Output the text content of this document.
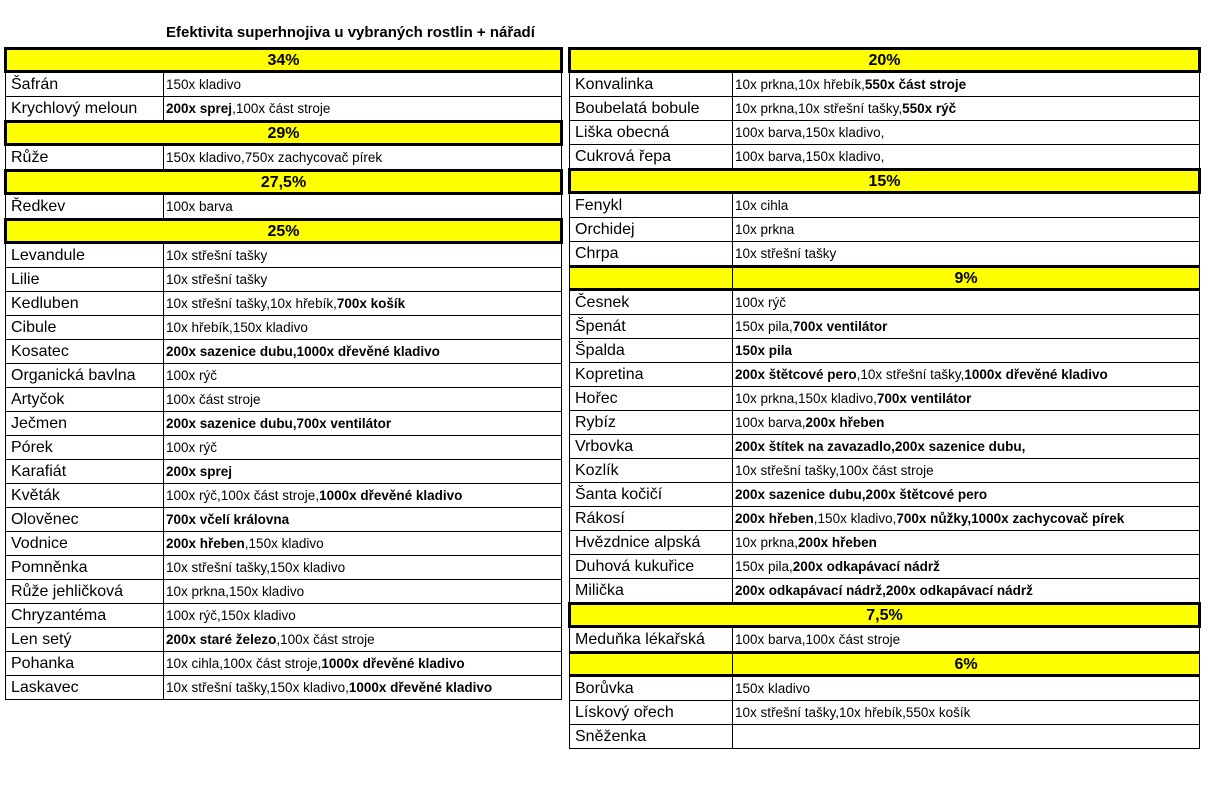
Efektivita superhnojiva u vybraných rostlin + nářadí
34%	
Šafrán	150x kladivo
Krychlový meloun	200x sprej,100x část stroje
29%	
Růže	150x kladivo,750x zachycovač pírek
27,5%	
Ředkev	100x barva
25%	
Levandule	10x střešní tašky
Lilie	10x střešní tašky
Kedluben	10x střešní tašky,10x hřebík,700x košík
Cibule	10x hřebík,150x kladivo
Kosatec	200x sazenice dubu,1000x dřevěné kladivo
Organická bavlna	100x rýč
Artyčok	100x část stroje
Ječmen	200x sazenice dubu,700x ventilátor
Pórek	100x rýč
Karafiát	200x sprej
Květák	100x rýč,100x část stroje,1000x dřevěné kladivo
Olověnec	700x včelí královna
Vodnice	200x hřeben,150x kladivo
Pomněnka	10x střešní tašky,150x kladivo
Růže jehličková	10x prkna,150x kladivo
Chryzantéma	100x rýč,150x kladivo
Len setý	200x staré železo,100x část stroje
Pohanka	10x cihla,100x část stroje,1000x dřevěné kladivo
Laskavec	10x střešní tašky,150x kladivo,1000x dřevěné kladivo
20%	
Konvalinka	10x prkna,10x hřebík,550x část stroje
Boubelatá bobule	10x prkna,10x střešní tašky,550x rýč
Liška obecná	100x barva,150x kladivo,
Cukrová řepa	100x barva,150x kladivo,
15%	
Fenykl	10x cihla
Orchidej	10x prkna
Chrpa	10x střešní tašky
	9%
Česnek	100x rýč
Špenát	150x pila,700x ventilátor
Špalda	150x pila
Kopretina	200x štětcové pero,10x střešní tašky,1000x dřevěné kladivo
Hořec	10x prkna,150x kladivo,700x ventilátor
Rybíz	100x barva,200x hřeben
Vrbovka	200x štítek na zavazadlo,200x sazenice dubu,
Kozlík	10x střešní tašky,100x část stroje
Šanta kočičí	200x sazenice dubu,200x štětcové pero
Rákosí	200x hřeben,150x kladivo,700x nůžky,1000x zachycovač pírek
Hvězdnice alpská	10x prkna,200x hřeben
Duhová kukuřice	150x pila,200x odkapávací nádrž
Milička	200x odkapávací nádrž,200x odkapávací nádrž
7,5%	
Meduňka lékařská	100x barva,100x část stroje
	6%
Borůvka	150x kladivo
Lískový ořech	10x střešní tašky,10x hřebík,550x košík
Sněženka	
